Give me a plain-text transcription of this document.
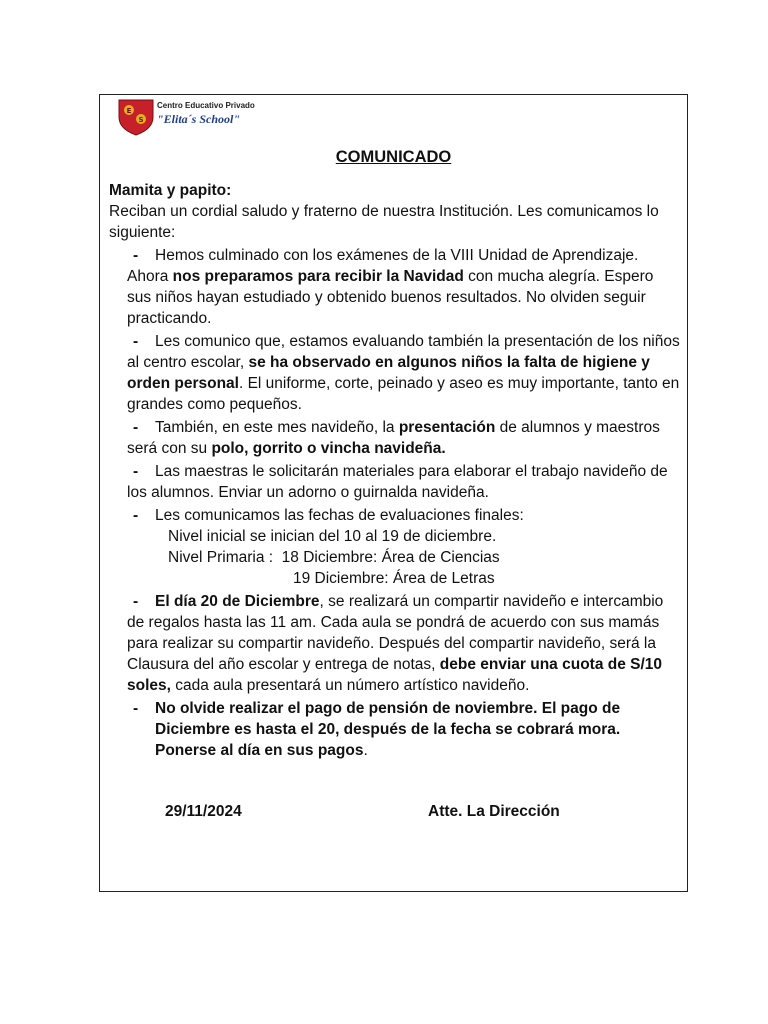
E
S
Centro Educativo Privado
"Elita´s School"
COMUNICADO
Mamita y papito:

Reciban un cordial saludo y fraterno de nuestra Institución. Les comunicamos lo siguiente:

-	Hemos culminado con los exámenes de la VIII Unidad de Aprendizaje. Ahora nos preparamos para recibir la Navidad con mucha alegría. Espero sus niños hayan estudiado y obtenido buenos resultados. No olviden seguir practicando.
-	Les comunico que, estamos evaluando también la presentación de los niños al centro escolar, se ha observado en algunos niños la falta de higiene y orden personal. El uniforme, corte, peinado y aseo es muy importante, tanto en grandes como pequeños.
-	También, en este mes navideño, la presentación de alumnos y maestros será con su polo, gorrito o vincha navideña.
-	Las maestras le solicitarán materiales para elaborar el trabajo navideño de los alumnos. Enviar un adorno o guirnalda navideña.
-	Les comunicamos las fechas de evaluaciones finales:
Nivel inicial se inician del 10 al 19 de diciembre.
Nivel Primaria :  18 Diciembre: Área de Ciencias
19 Diciembre: Área de Letras
-	El día 20 de Diciembre, se realizará un compartir navideño e intercambio de regalos hasta las 11 am. Cada aula se pondrá de acuerdo con sus mamás para realizar su compartir navideño. Después del compartir navideño, será la Clausura del año escolar y entrega de notas, debe enviar una cuota de S/10 soles, cada aula presentará un número artístico navideño.
-	No olvide realizar el pago de pensión de noviembre. El pago de Diciembre es hasta el 20, después de la fecha se cobrará mora. Ponerse al día en sus pagos.
29/11/2024	Atte. La Dirección
